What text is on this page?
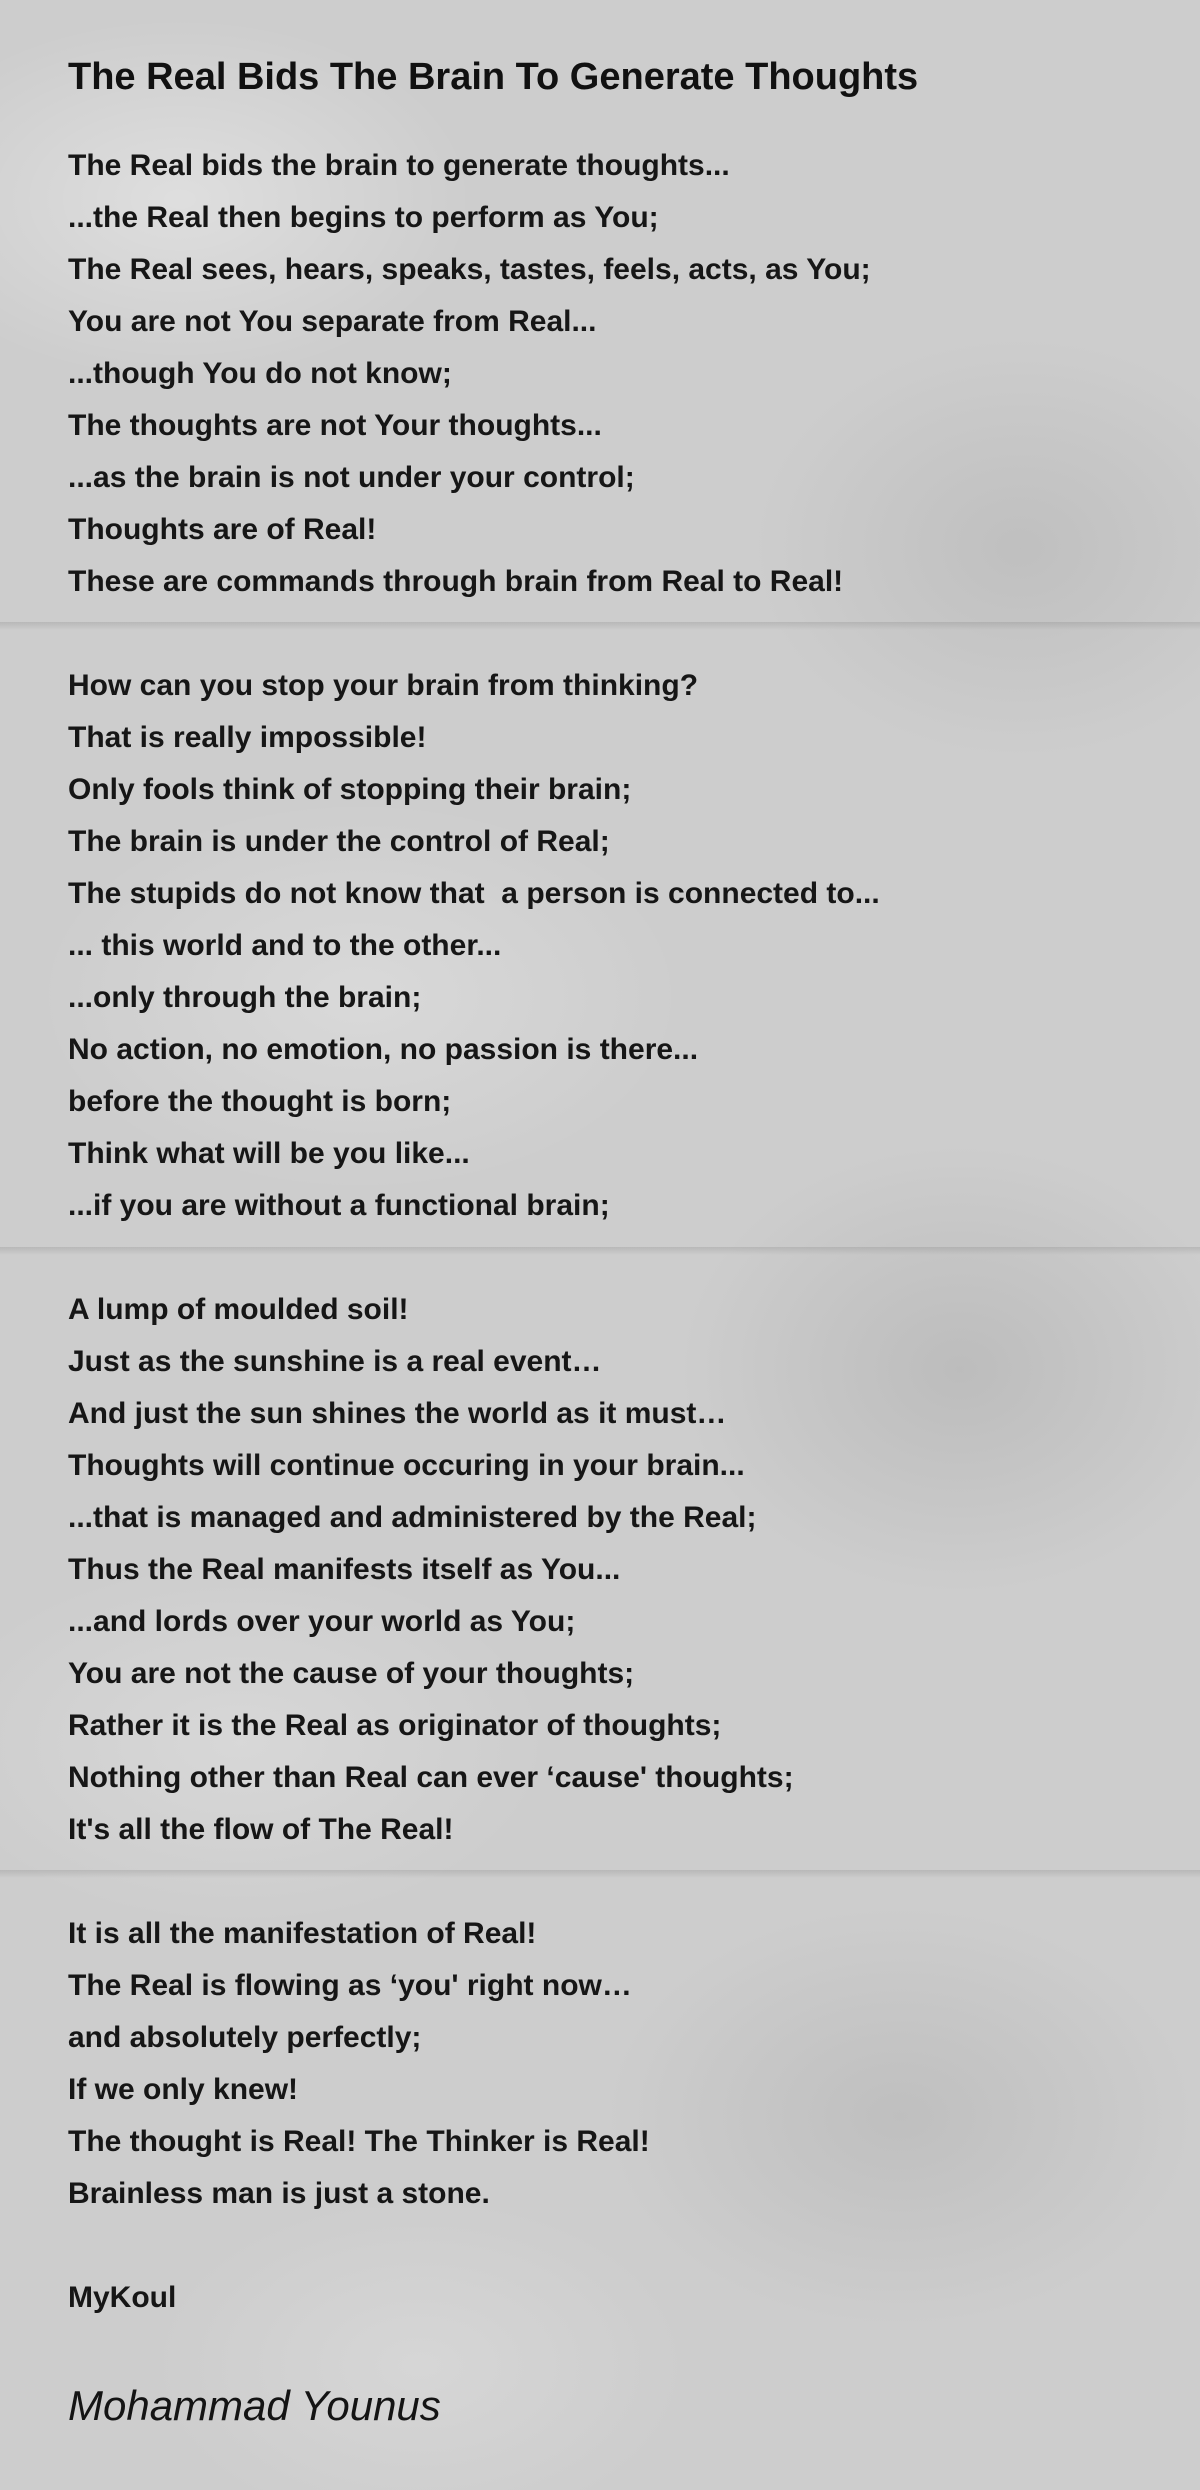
The Real Bids The Brain To Generate Thoughts
The Real bids the brain to generate thoughts...
...the Real then begins to perform as You;
The Real sees, hears, speaks, tastes, feels, acts, as You;
You are not You separate from Real...
...though You do not know;
The thoughts are not Your thoughts...
...as the brain is not under your control;
Thoughts are of Real!
These are commands through brain from Real to Real!
How can you stop your brain from thinking?
That is really impossible!
Only fools think of stopping their brain;
The brain is under the control of Real;
The stupids do not know that  a person is connected to...
... this world and to the other...
...only through the brain;
No action, no emotion, no passion is there...
before the thought is born;
Think what will be you like...
...if you are without a functional brain;
A lump of moulded soil!
Just as the sunshine is a real event…
And just the sun shines the world as it must…
Thoughts will continue occuring in your brain...
...that is managed and administered by the Real;
Thus the Real manifests itself as You...
...and lords over your world as You;
You are not the cause of your thoughts;
Rather it is the Real as originator of thoughts;
Nothing other than Real can ever ‘cause' thoughts;
It's all the flow of The Real!
It is all the manifestation of Real!
The Real is flowing as ‘you' right now…
and absolutely perfectly;
If we only knew!
The thought is Real! The Thinker is Real!
Brainless man is just a stone.
MyKoul
Mohammad Younus
